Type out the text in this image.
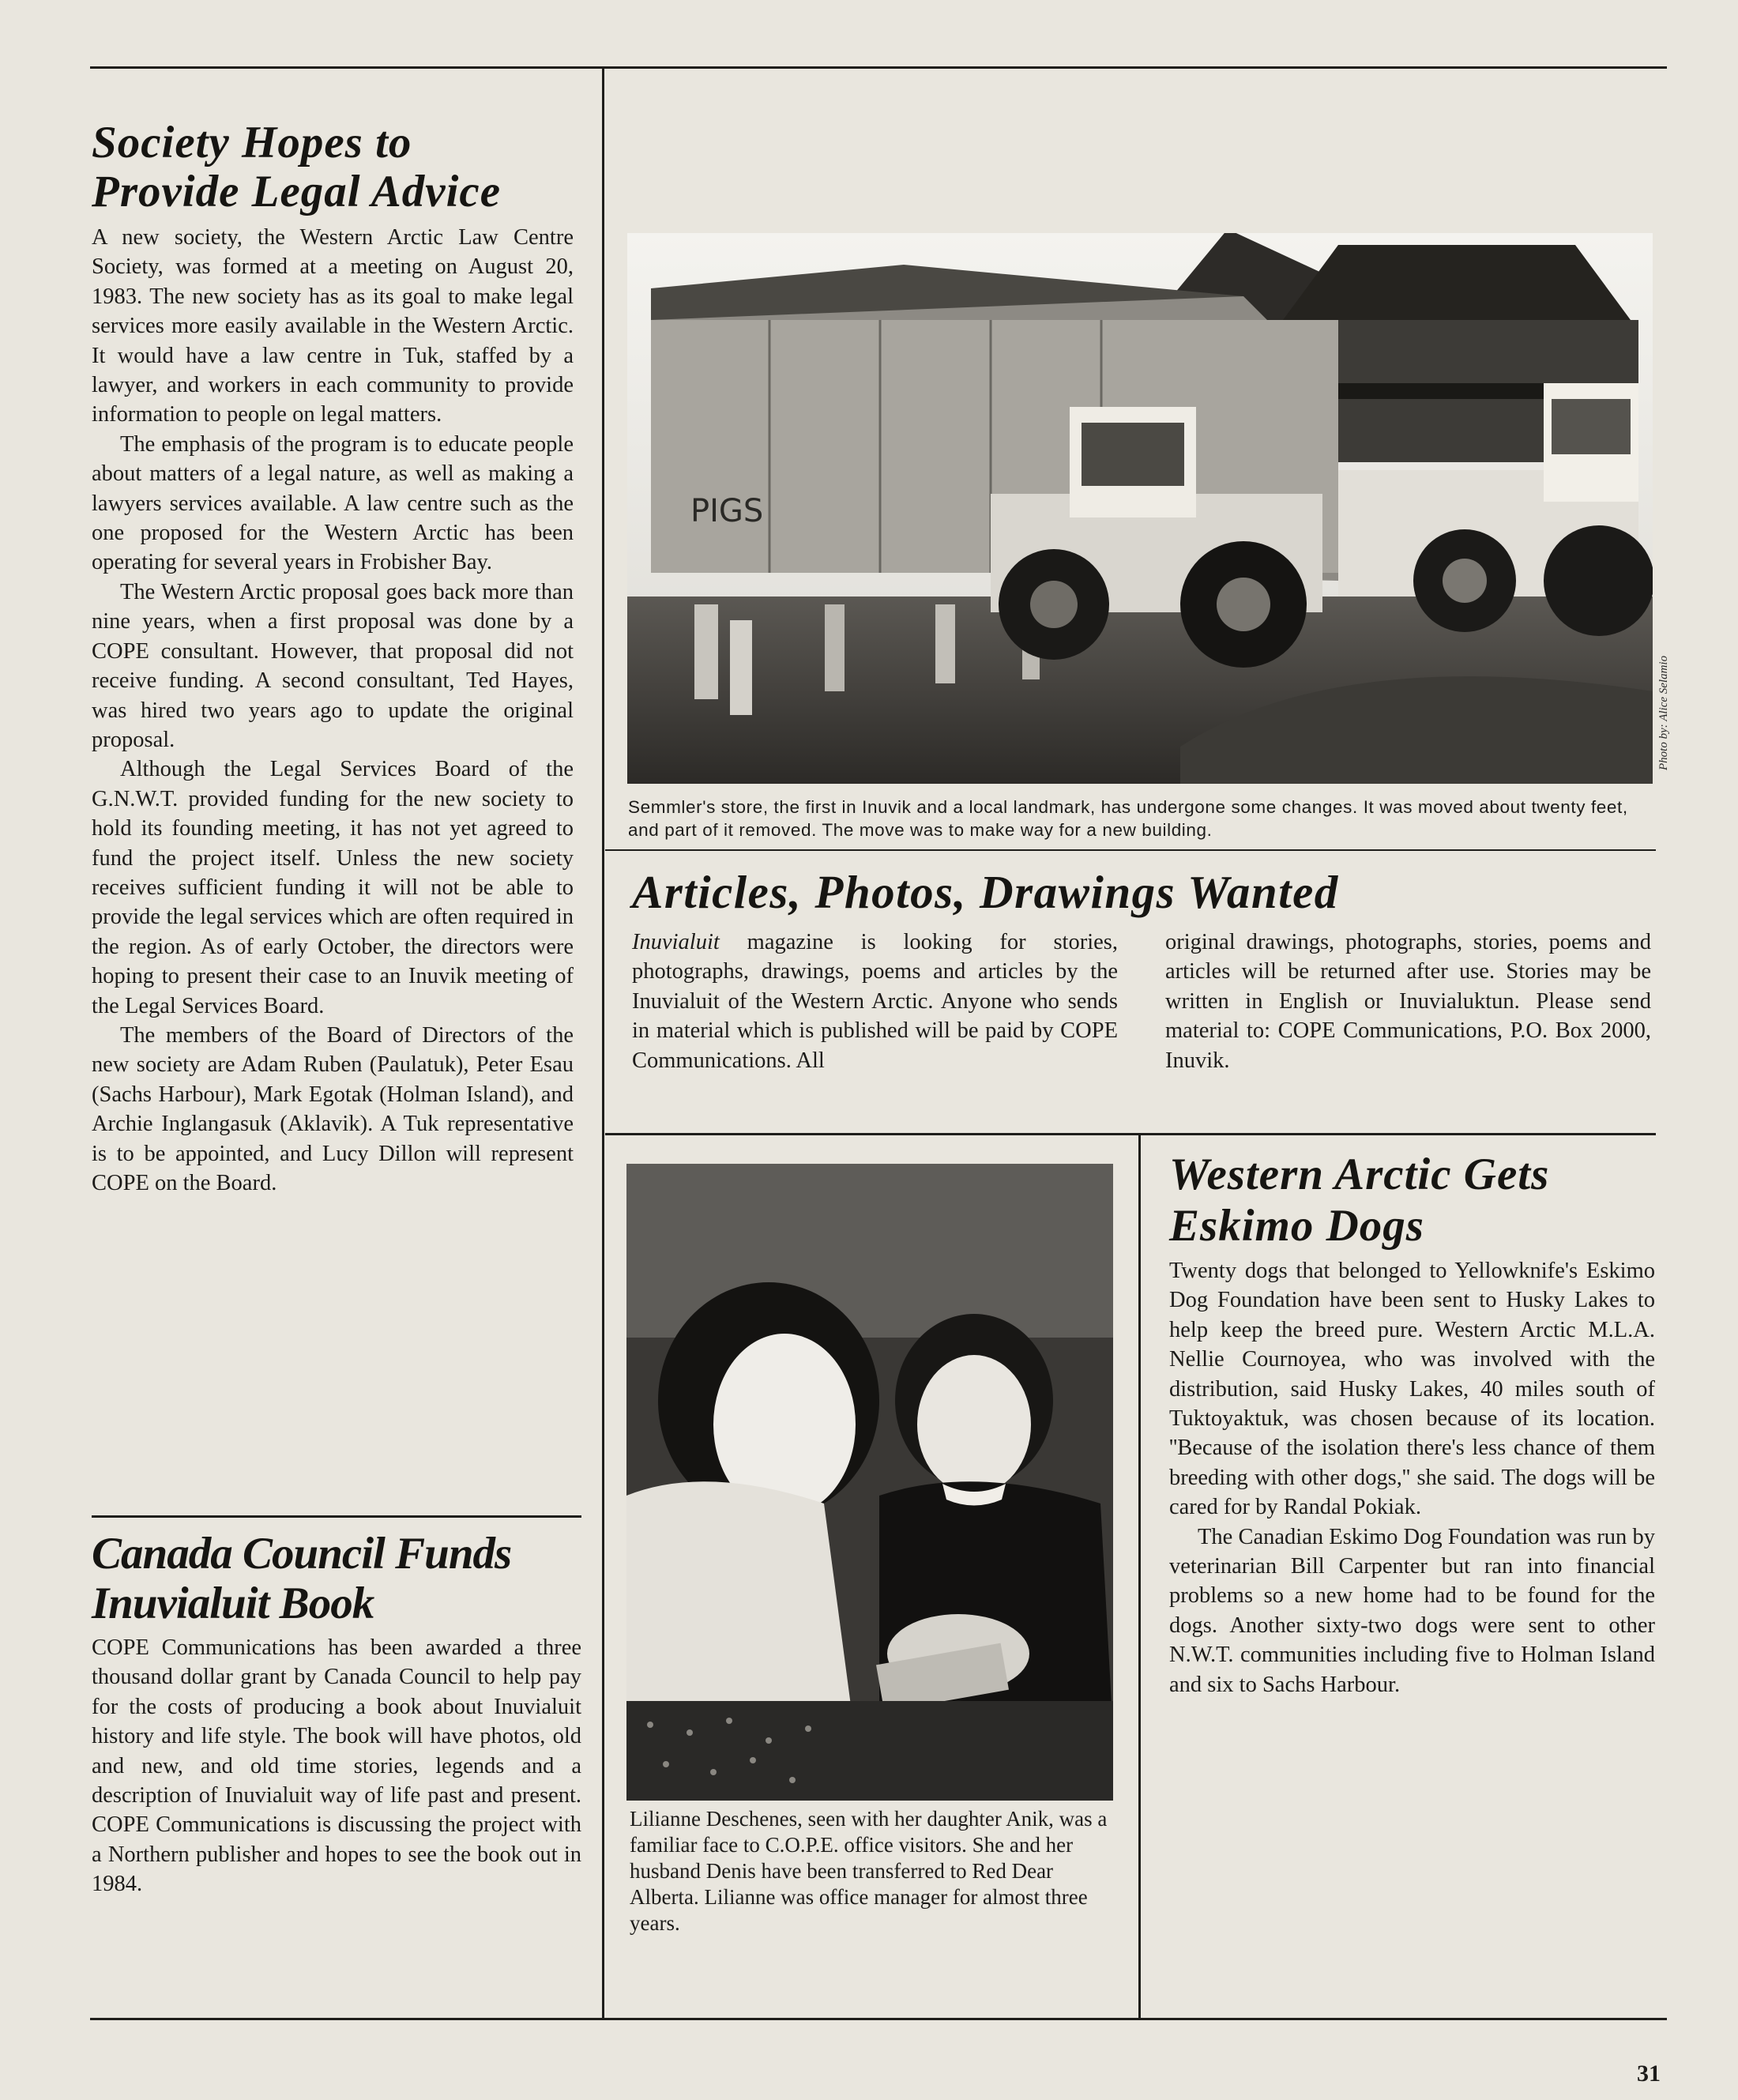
Society Hopes to
Provide Legal Advice

A new society, the Western Arctic Law Centre Society, was formed at a meeting on August 20, 1983. The new society has as its goal to make legal services more easily available in the Western Arctic. It would have a law centre in Tuk, staffed by a lawyer, and workers in each community to provide information to people on legal matters.

The emphasis of the program is to educate people about matters of a legal nature, as well as making a lawyers services available. A law centre such as the one proposed for the Western Arctic has been operating for several years in Frobisher Bay.

The Western Arctic proposal goes back more than nine years, when a first proposal was done by a COPE consultant. However, that proposal did not receive funding. A second consultant, Ted Hayes, was hired two years ago to update the original proposal.

Although the Legal Services Board of the G.N.W.T. provided funding for the new society to hold its founding meeting, it has not yet agreed to fund the project itself. Unless the new society receives sufficient funding it will not be able to provide the legal services which are often required in the region. As of early October, the directors were hoping to present their case to an Inuvik meeting of the Legal Services Board.

The members of the Board of Directors of the new society are Adam Ruben (Paulatuk), Peter Esau (Sachs Harbour), Mark Egotak (Holman Island), and Archie Inglangasuk (Aklavik). A Tuk representative is to be appointed, and Lucy Dillon will represent COPE on the Board.

Canada Council Funds
Inuvialuit Book

COPE Communications has been awarded a three thousand dollar grant by Canada Council to help pay for the costs of producing a book about Inuvialuit history and life style. The book will have photos, old and new, and old time stories, legends and a description of Inuvialuit way of life past and present. COPE Communications is discussing the project with a Northern publisher and hopes to see the book out in 1984.

PIGS
Photo by: Alice Selamio

Semmler's store, the first in Inuvik and a local landmark, has undergone some changes. It was moved about twenty feet, and part of it removed. The move was to make way for a new building.

Articles, Photos, Drawings Wanted

Inuvialuit magazine is looking for stories, photographs, drawings, poems and articles by the Inuvialuit of the Western Arctic. Anyone who sends in material which is published will be paid by COPE Communications. All

original drawings, photographs, stories, poems and articles will be returned after use. Stories may be written in English or Inuvialuktun. Please send material to: COPE Communications, P.O. Box 2000, Inuvik.

Lilianne Deschenes, seen with her daughter Anik, was a familiar face to C.O.P.E. office visitors. She and her husband Denis have been transferred to Red Dear Alberta. Lilianne was office manager for almost three years.

Western Arctic Gets
Eskimo Dogs

Twenty dogs that belonged to Yellowknife's Eskimo Dog Foundation have been sent to Husky Lakes to help keep the breed pure. Western Arctic M.L.A. Nellie Cournoyea, who was involved with the distribution, said Husky Lakes, 40 miles south of Tuktoyaktuk, was chosen because of its location. ''Because of the isolation there's less chance of them breeding with other dogs,'' she said. The dogs will be cared for by Randal Pokiak.

The Canadian Eskimo Dog Foundation was run by veterinarian Bill Carpenter but ran into financial problems so a new home had to be found for the dogs. Another sixty-two dogs were sent to other N.W.T. communities including five to Holman Island and six to Sachs Harbour.

31
